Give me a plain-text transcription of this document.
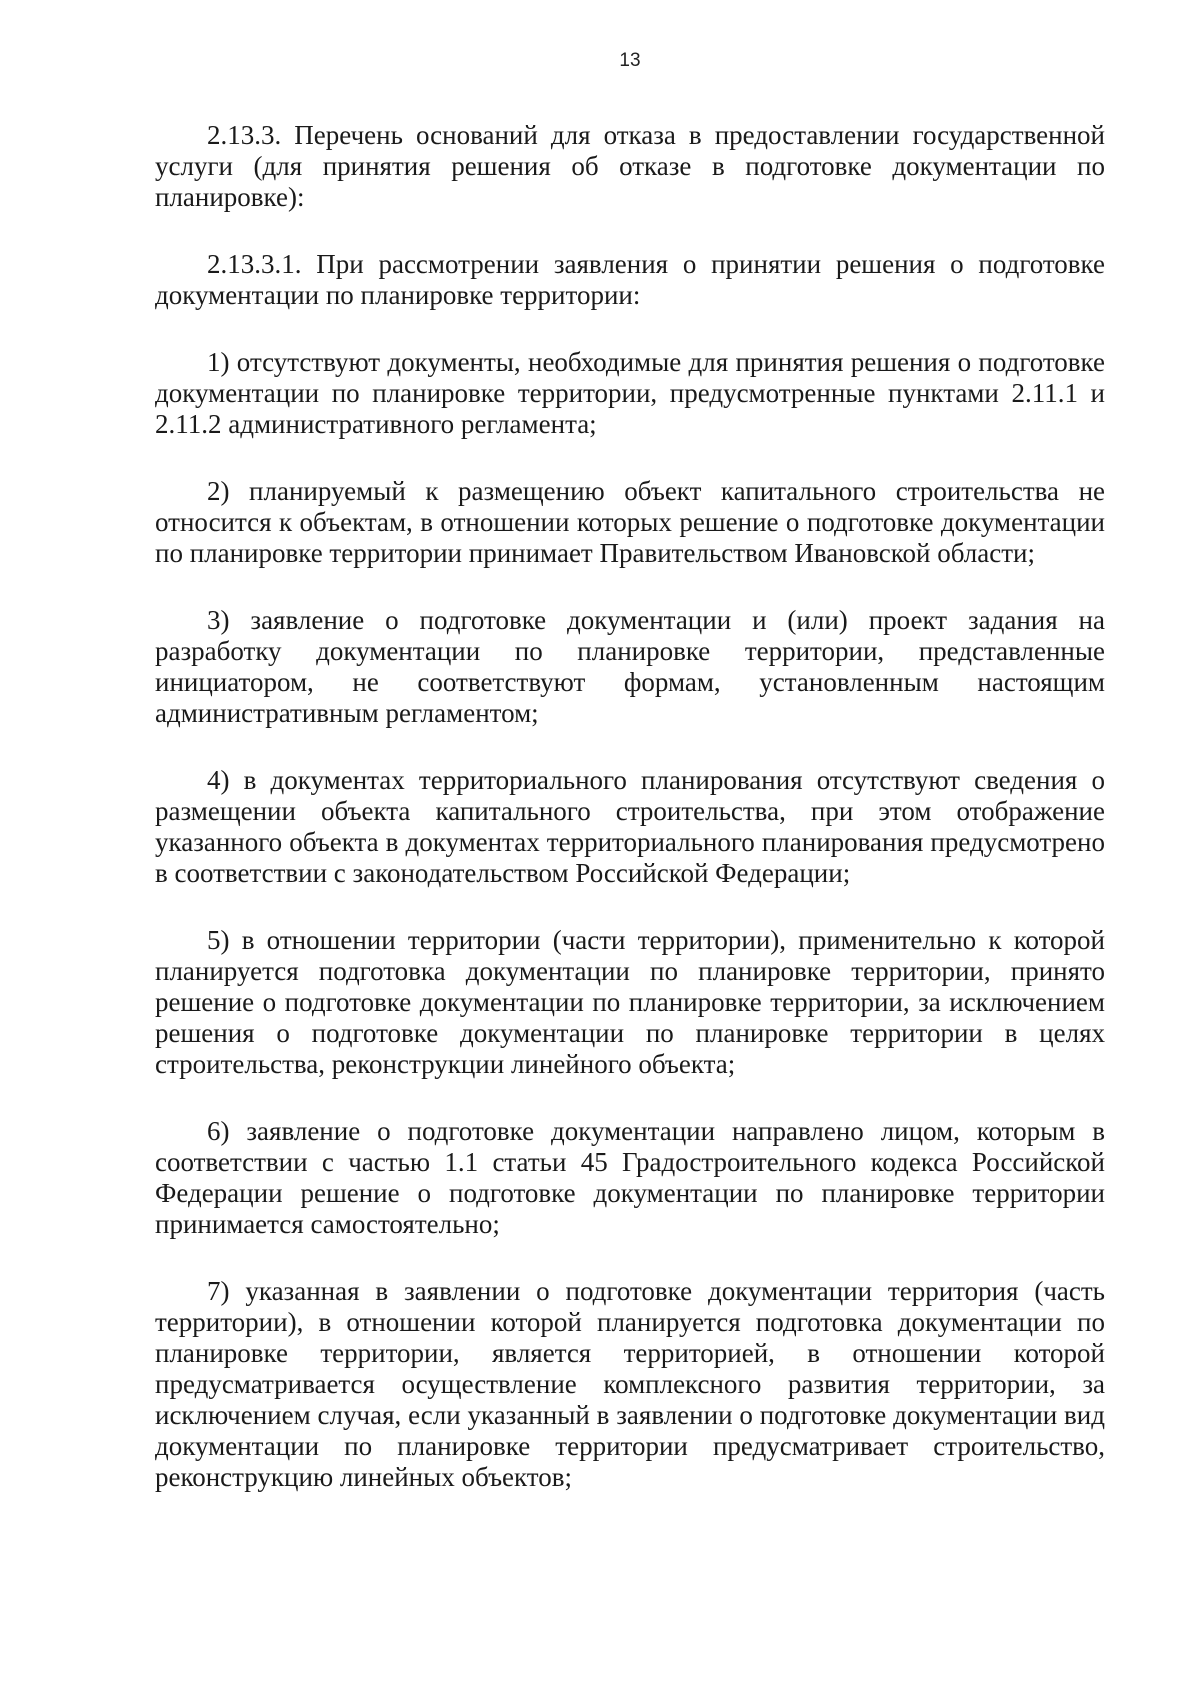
13

2.13.3. Перечень оснований для отказа в предоставлении государственной услуги (для принятия решения об отказе в подготовке документации по планировке):

2.13.3.1. При рассмотрении заявления о принятии решения о подготовке документации по планировке территории:

1) отсутствуют документы, необходимые для принятия решения о подготовке документации по планировке территории, предусмотренные пунктами 2.11.1 и 2.11.2 административного регламента;

2) планируемый к размещению объект капитального строительства не относится к объектам, в отношении которых решение о подготовке документации по планировке территории принимает Правительством Ивановской области;

3) заявление о подготовке документации и (или) проект задания на разработку документации по планировке территории, представленные инициатором, не соответствуют формам, установленным настоящим административным регламентом;

4) в документах территориального планирования отсутствуют сведения о размещении объекта капитального строительства, при этом отображение указанного объекта в документах территориального планирования предусмотрено в соответствии с законодательством Российской Федерации;

5) в отношении территории (части территории), применительно к которой планируется подготовка документации по планировке территории, принято решение о подготовке документации по планировке территории, за исключением решения о подготовке документации по планировке территории в целях строительства, реконструкции линейного объекта;

6) заявление о подготовке документации направлено лицом, которым в соответствии с частью 1.1 статьи 45 Градостроительного кодекса Российской Федерации решение о подготовке документации по планировке территории принимается самостоятельно;

7) указанная в заявлении о подготовке документации территория (часть территории), в отношении которой планируется подготовка документации по планировке территории, является территорией, в отношении которой предусматривается осуществление комплексного развития территории, за исключением случая, если указанный в заявлении о подготовке документации вид документации по планировке территории предусматривает строительство, реконструкцию линейных объектов;
